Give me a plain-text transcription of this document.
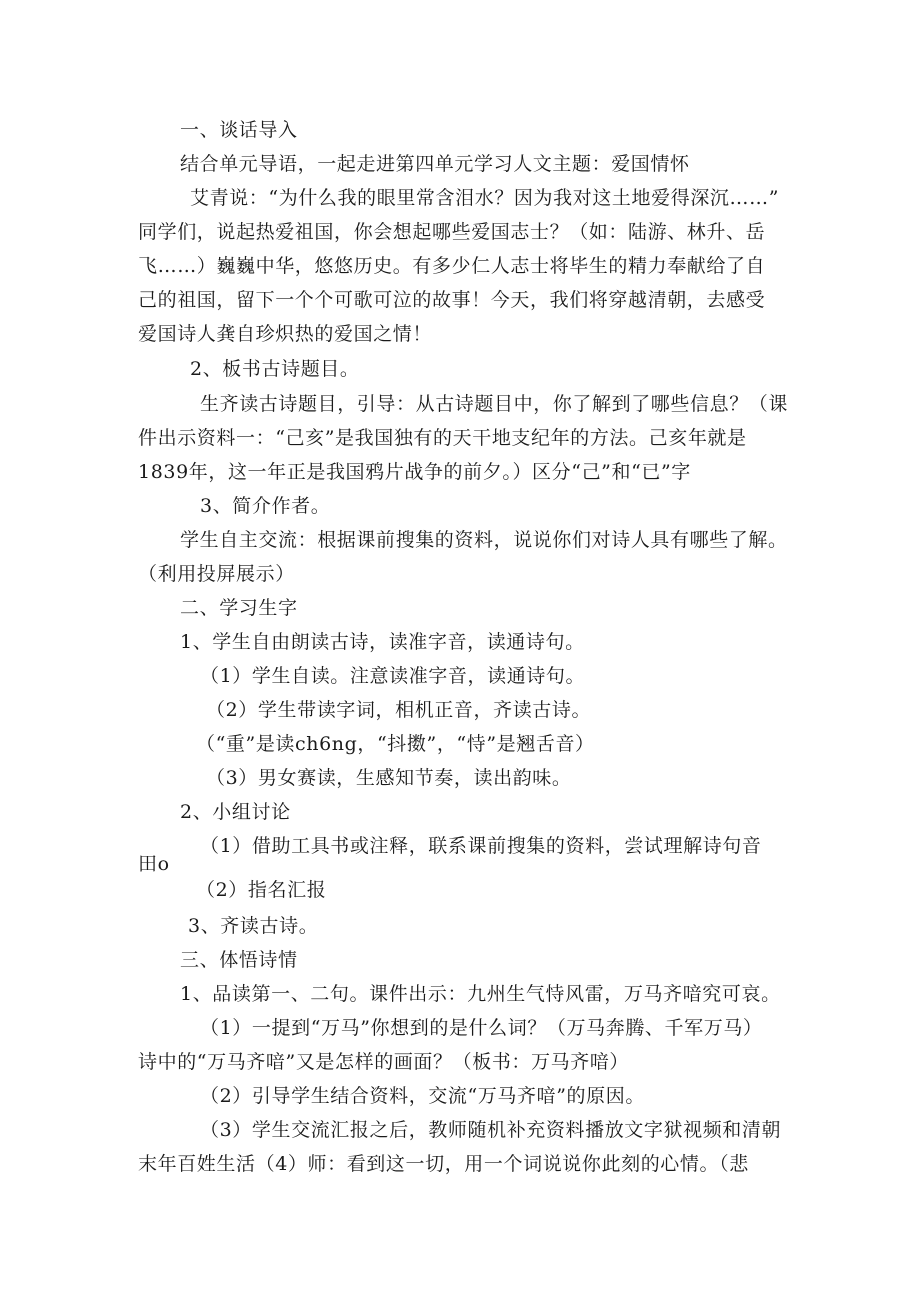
一、谈话导入
结合单元导语，一起走进第四单元学习人文主题：爱国情怀
艾青说：“为什么我的眼里常含泪水？因为我对这土地爱得深沉……”
同学们，说起热爱祖国，你会想起哪些爱国志士？（如：陆游、林升、岳
飞……）巍巍中华，悠悠历史。有多少仁人志士将毕生的精力奉献给了自
己的祖国，留下一个个可歌可泣的故事！今天，我们将穿越清朝，去感受
爱国诗人龚自珍炽热的爱国之情！
2、板书古诗题目。
生齐读古诗题目，引导：从古诗题目中，你了解到了哪些信息？（课
件出示资料一：“己亥”是我国独有的天干地支纪年的方法。己亥年就是
1839年，这一年正是我国鸦片战争的前夕。）区分“己”和“已”字
3、简介作者。
学生自主交流：根据课前搜集的资料，说说你们对诗人具有哪些了解。
（利用投屏展示）
二、学习生字
1、学生自由朗读古诗，读准字音，读通诗句。
（1）学生自读。注意读准字音，读通诗句。
（2）学生带读字词，相机正音，齐读古诗。
（“重”是读ch6ng，“抖擞”，“恃”是翘舌音）
（3）男女赛读，生感知节奏，读出韵味。
2、小组讨论
（1）借助工具书或注释，联系课前搜集的资料，尝试理解诗句音
田o
（2）指名汇报
3、齐读古诗。
三、体悟诗情
1、品读第一、二句。课件出示：九州生气恃风雷，万马齐喑究可哀。
（1）一提到“万马”你想到的是什么词？（万马奔腾、千军万马）
诗中的“万马齐喑”又是怎样的画面？（板书：万马齐喑）
（2）引导学生结合资料，交流“万马齐喑”的原因。
（3）学生交流汇报之后，教师随机补充资料播放文字狱视频和清朝
末年百姓生活（4）师：看到这一切，用一个词说说你此刻的心情。（悲
